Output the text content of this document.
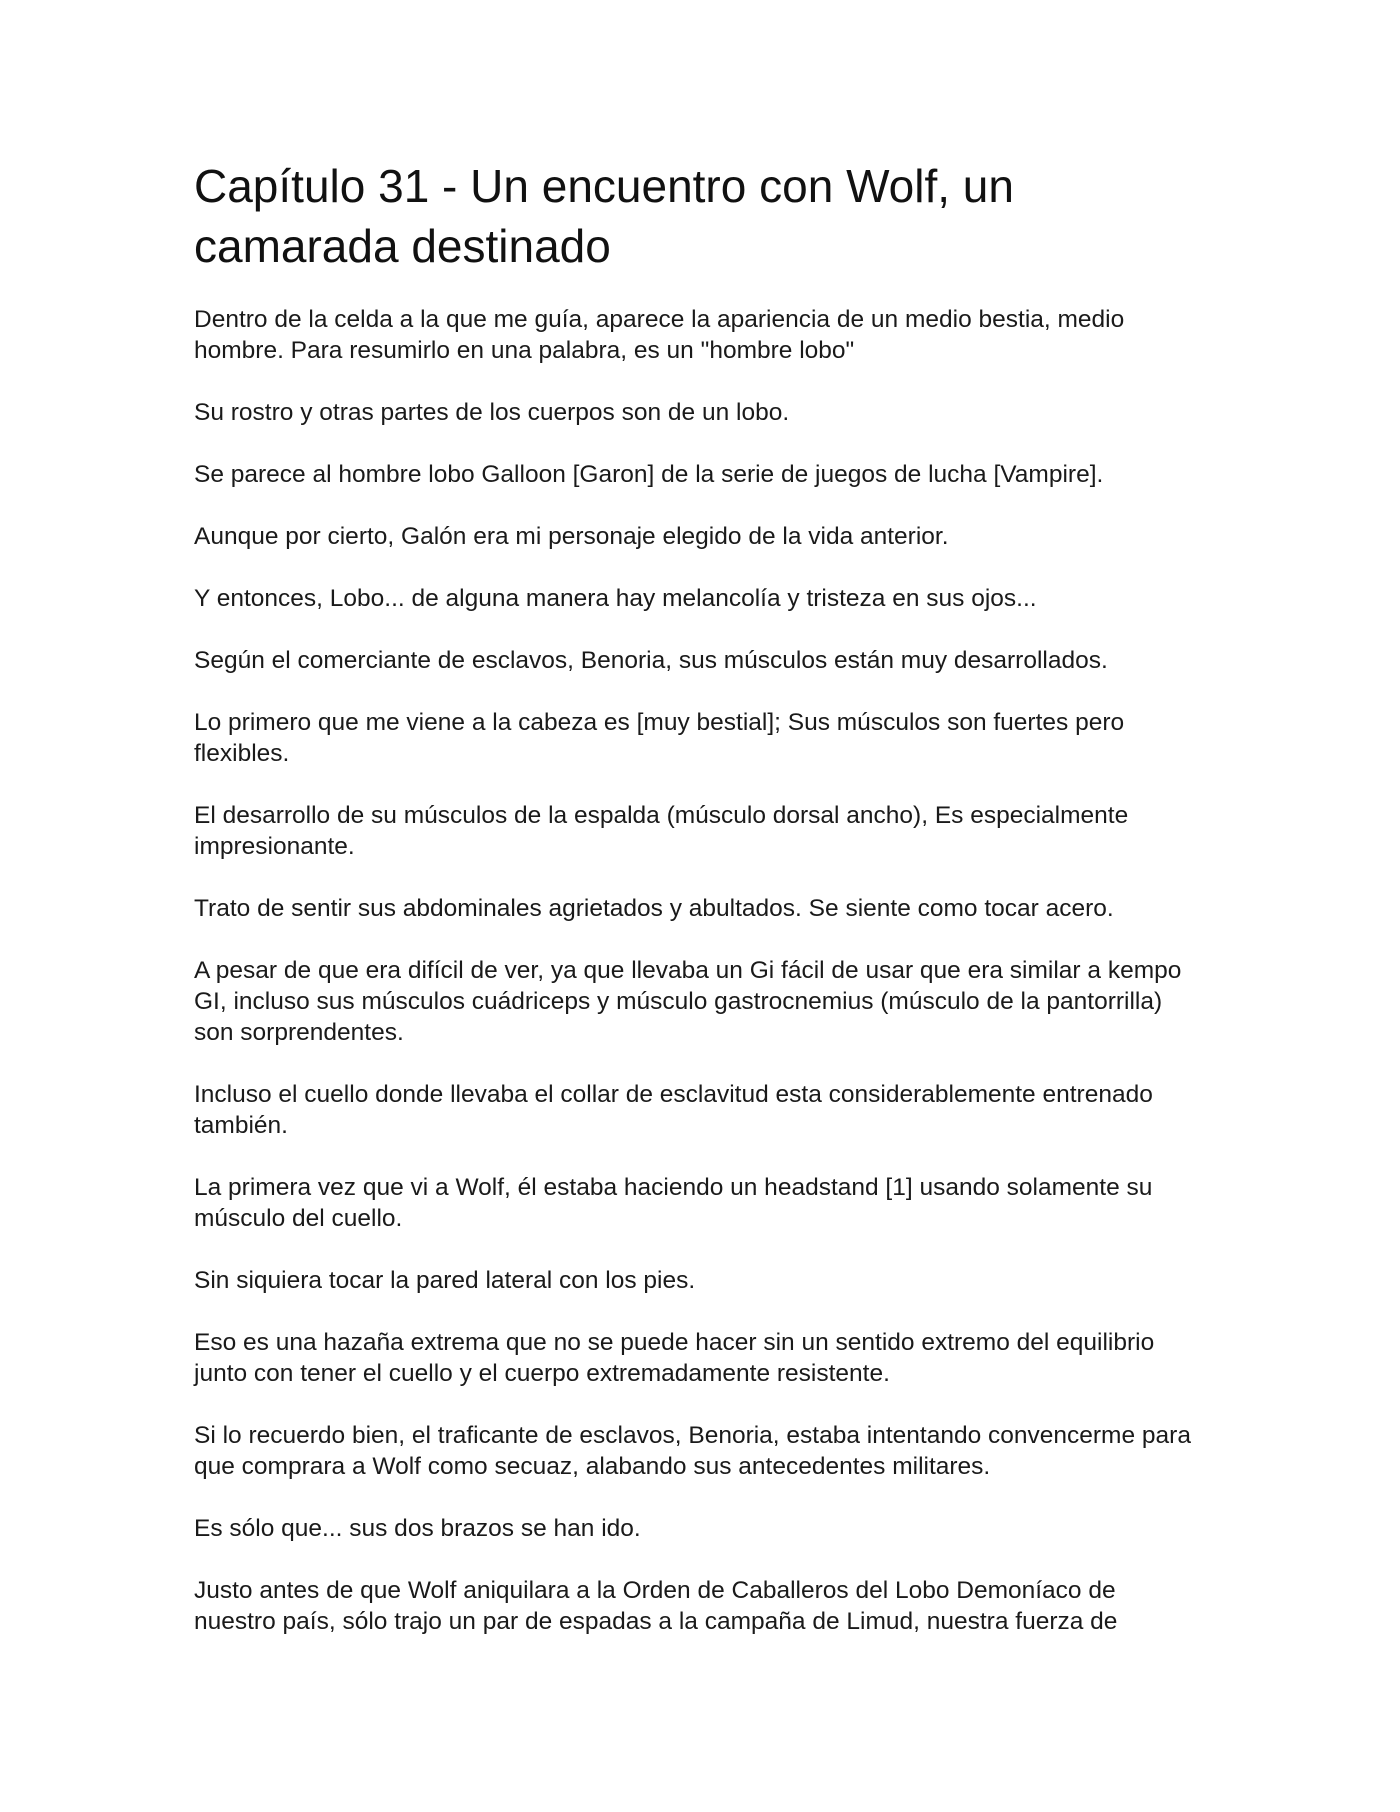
Capítulo 31 - Un encuentro con Wolf, un camarada destinado

Dentro de la celda a la que me guía, aparece la apariencia de un medio bestia, medio hombre. Para resumirlo en una palabra, es un "hombre lobo"

Su rostro y otras partes de los cuerpos son de un lobo.

Se parece al hombre lobo Galloon [Garon] de la serie de juegos de lucha [Vampire].

Aunque por cierto, Galón era mi personaje elegido de la vida anterior.

Y entonces, Lobo... de alguna manera hay melancolía y tristeza en sus ojos...

Según el comerciante de esclavos, Benoria, sus músculos están muy desarrollados.

Lo primero que me viene a la cabeza es [muy bestial]; Sus músculos son fuertes pero flexibles.

El desarrollo de su músculos de la espalda (músculo dorsal ancho), Es especialmente impresionante.

Trato de sentir sus abdominales agrietados y abultados. Se siente como tocar acero.

A pesar de que era difícil de ver, ya que llevaba un Gi fácil de usar que era similar a kempo GI, incluso sus músculos cuádriceps y músculo gastrocnemius (músculo de la pantorrilla) son sorprendentes.

Incluso el cuello donde llevaba el collar de esclavitud esta considerablemente entrenado también.

La primera vez que vi a Wolf, él estaba haciendo un headstand [1] usando solamente su músculo del cuello.

Sin siquiera tocar la pared lateral con los pies.

Eso es una hazaña extrema que no se puede hacer sin un sentido extremo del equilibrio junto con tener el cuello y el cuerpo extremadamente resistente.

Si lo recuerdo bien, el traficante de esclavos, Benoria, estaba intentando convencerme para que comprara a Wolf como secuaz, alabando sus antecedentes militares.

Es sólo que... sus dos brazos se han ido.

Justo antes de que Wolf aniquilara a la Orden de Caballeros del Lobo Demoníaco de nuestro país, sólo trajo un par de espadas a la campaña de Limud, nuestra fuerza de
